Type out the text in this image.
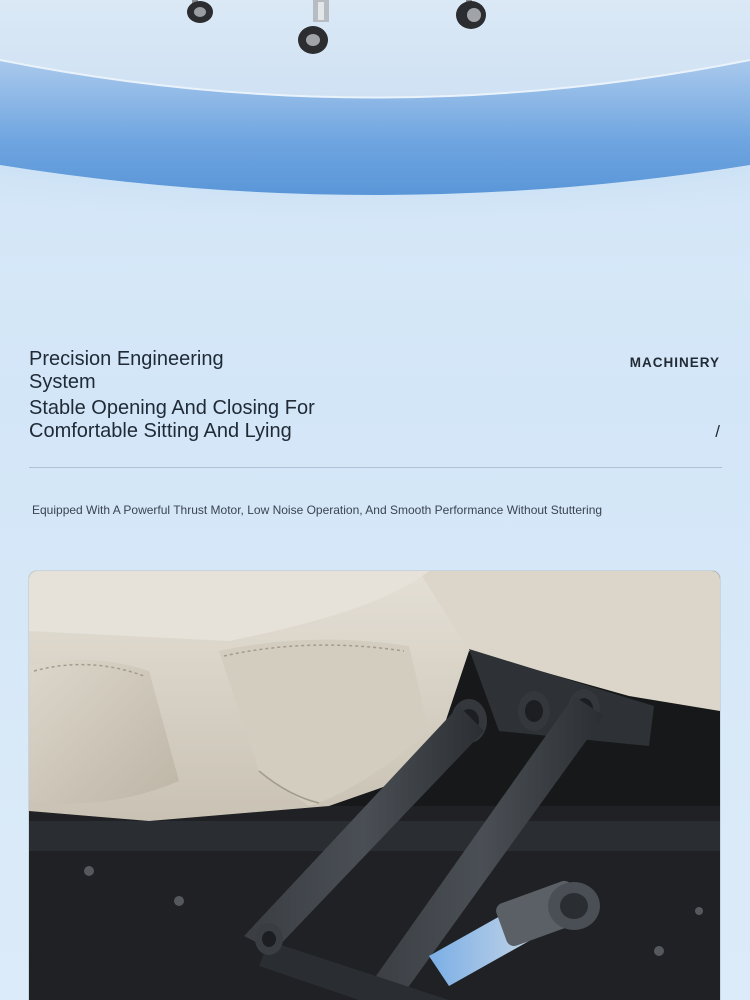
Precision Engineering
System
Stable Opening And Closing For
Comfortable Sitting And Lying
MACHINERY
/
Equipped With A Powerful Thrust Motor, Low Noise Operation, And Smooth Performance Without Stuttering
